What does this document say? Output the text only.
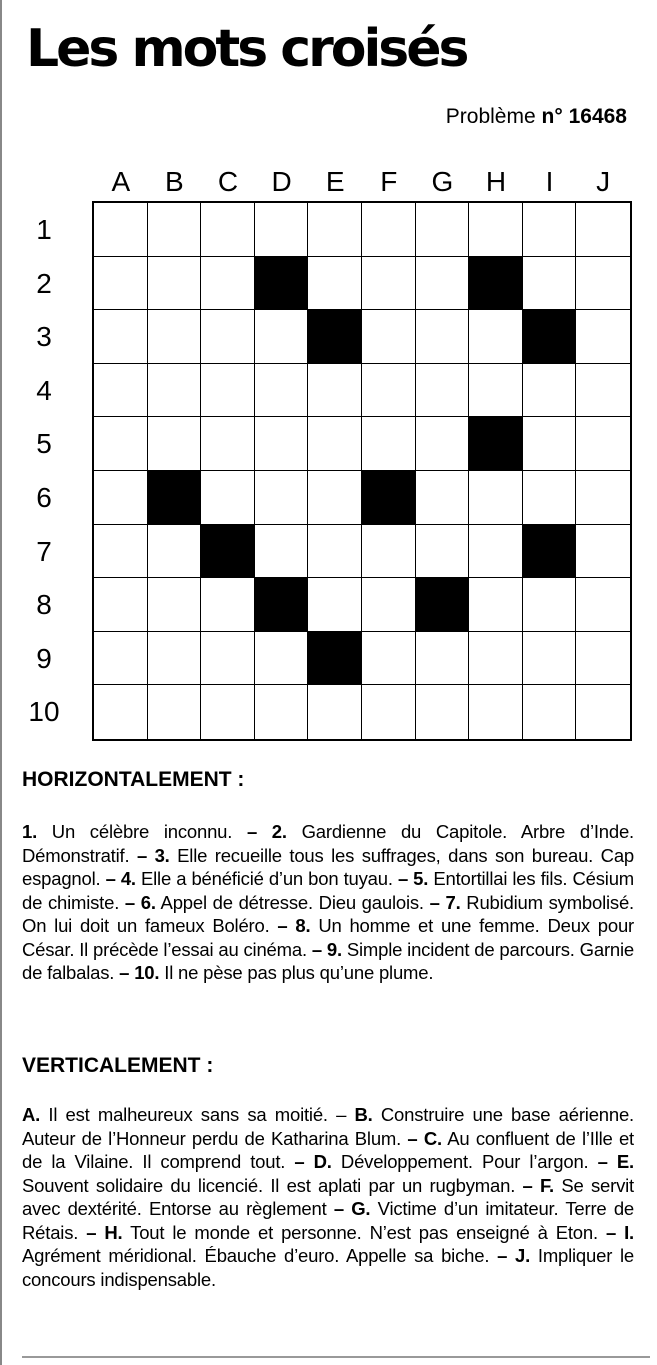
Les mots croisés
Problème n° 16468
A	B	C	D	E	F	G	H	I	J
1
2
3
4
5
6
7
8
9
10
HORIZONTALEMENT :

1. Un célèbre inconnu. – 2. Gardienne du Capitole. Arbre d’Inde. Démonstratif. – 3. Elle recueille tous les suffrages, dans son bureau. Cap espagnol. – 4. Elle a bénéficié d’un bon tuyau. – 5. Entortillai les fils. Césium de chimiste. – 6. Appel de détresse. Dieu gaulois. – 7. Rubidium symbolisé. On lui doit un fameux Boléro. – 8. Un homme et une femme. Deux pour César. Il précède l’essai au cinéma. – 9. Simple incident de parcours. Garnie de falbalas. – 10. Il ne pèse pas plus qu’une plume.

VERTICALEMENT :

A. Il est malheureux sans sa moitié. – B. Construire une base aérienne. Auteur de l’Honneur perdu de Katharina Blum. – C. Au confluent de l’Ille et de la Vilaine. Il comprend tout. – D. Développement. Pour l’argon. – E. Souvent solidaire du licencié. Il est aplati par un rugbyman. – F. Se servit avec dextérité. Entorse au règlement – G. Victime d’un imitateur. Terre de Rétais. – H. Tout le monde et personne. N’est pas enseigné à Eton. – I. Agrément méridional. Ébauche d’euro. Appelle sa biche. – J. Impliquer le concours indispensable.
